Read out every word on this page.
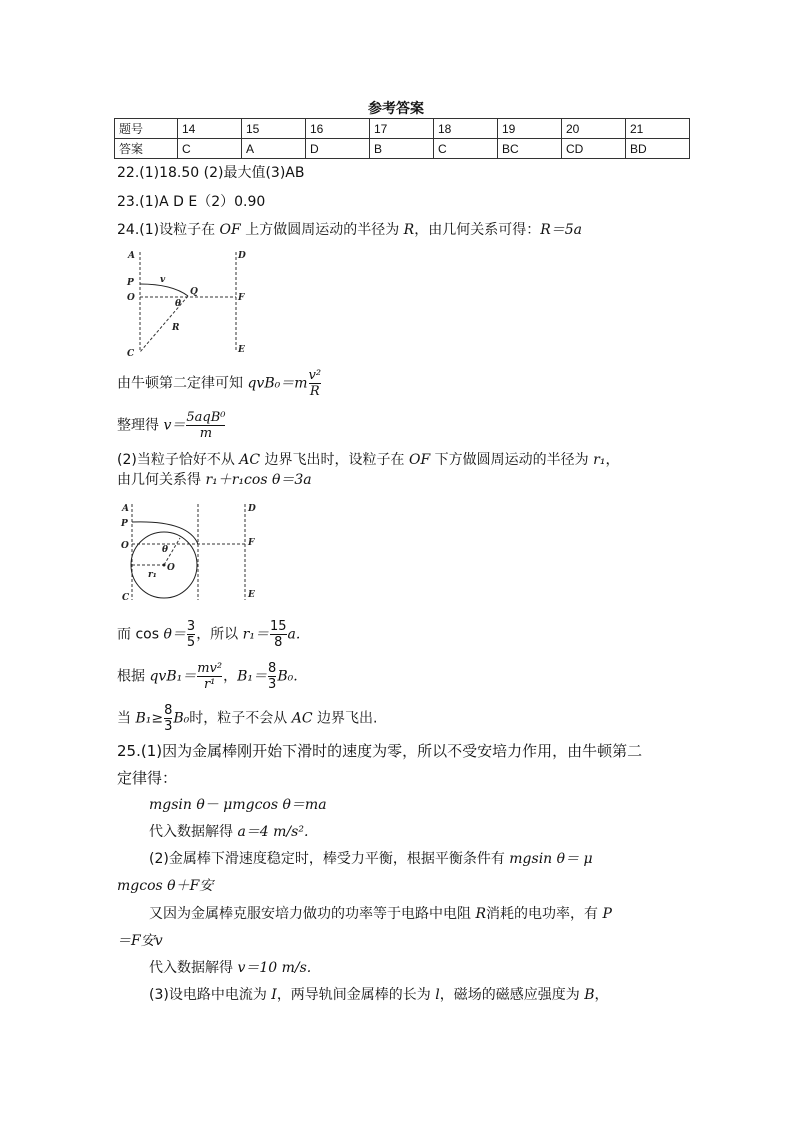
参考答案
题号	14	15	16	17	18	19	20	21
答案	C	A	D	B	C	BC	CD	BD
22.(1)18.50 (2)最大值(3)AB
23.(1)A D E（2）0.90
24.(1)设粒子在 OF 上方做圆周运动的半径为 R，由几何关系可得：R＝5a
A
P	v
O
Q
θ
R
C
D
F
E
由牛顿第二定律可知 $qvB_0=m \frac{\text{v²}}{R}$
整理得 $v= \frac{\text{5aqB⁰}}{m}$
(2)当粒子恰好不从 AC 边界飞出时，设粒子在 OF 下方做圆周运动的半径为 r₁，
由几何关系得 r₁＋r₁cos θ＝3a
A
P
O	θ
O
r₁
C
D
F
E
而 $\cos \theta= \frac{3}{5}$ ，所以 $r_1= \frac{15}{8} a$.
根据 $qvB_1= \frac{\text{mv²}}{\text{r¹}}$ ，$B_1= \frac{8}{3} B_0$.
当 $B_1\ge \frac{8}{3} B_0$时，粒子不会从 AC 边界飞出.
25.(1)因为金属棒刚开始下滑时的速度为零，所以不受安培力作用，由牛顿第二
定律得：
mgsin θ－ μmgcos θ＝ma
代入数据解得 a＝4 m/s².
(2)金属棒下滑速度稳定时，棒受力平衡，根据平衡条件有 mgsin θ＝ μ
mgcos θ＋F安
又因为金属棒克服安培力做功的功率等于电路中电阻 R消耗的电功率，有 P
＝F安v
代入数据解得 v＝10 m/s.
(3)设电路中电流为 I，两导轨间金属棒的长为 l，磁场的磁感应强度为 B，
